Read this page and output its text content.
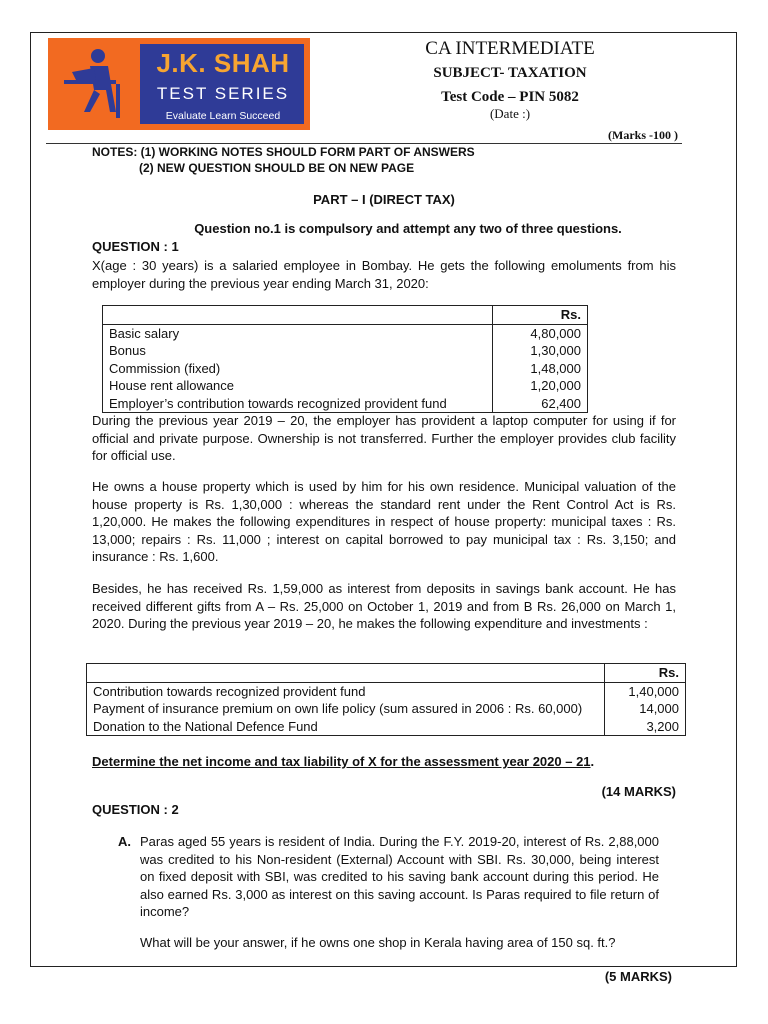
J.K. SHAH
TEST SERIES
Evaluate Learn Succeed
CA INTERMEDIATE
SUBJECT- TAXATION
Test Code – PIN 5082
(Date :)
(Marks -100 )
NOTES: (1) WORKING NOTES SHOULD FORM PART OF ANSWERS
(2) NEW QUESTION SHOULD BE ON NEW PAGE
PART – I (DIRECT TAX)
Question no.1 is compulsory and attempt any two of three questions.
QUESTION : 1
X(age : 30 years) is a salaried employee in Bombay. He gets the following emoluments from his employer during the previous year ending March 31, 2020:
	Rs.
Basic salary	4,80,000
Bonus	1,30,000
Commission (fixed)	1,48,000
House rent allowance	1,20,000
Employer’s contribution towards recognized provident fund	62,400
During the previous year 2019 – 20, the employer has provident a laptop computer for using if for official and private purpose. Ownership is not transferred. Further the employer provides club facility for official use.
He owns a house property which is used by him for his own residence. Municipal valuation of the house property is Rs. 1,30,000 : whereas the standard rent under the Rent Control Act is Rs. 1,20,000. He makes the following expenditures in respect of house property: municipal taxes : Rs. 13,000; repairs : Rs. 11,000 ; interest on capital borrowed to pay municipal tax : Rs. 3,150; and insurance : Rs. 1,600.
Besides, he has received Rs. 1,59,000 as interest from deposits in savings bank account. He has received different gifts from A – Rs. 25,000 on October 1, 2019 and from B Rs. 26,000 on March 1, 2020. During the previous year 2019 – 20, he makes the following expenditure and investments :
	Rs.
Contribution towards recognized provident fund	1,40,000
Payment of insurance premium on own life policy (sum assured in 2006 : Rs. 60,000)	14,000
Donation to the National Defence Fund	3,200
Determine the net income and tax liability of X for the assessment year 2020 – 21.
(14 MARKS)
QUESTION : 2
A. Paras aged 55 years is resident of India. During the F.Y. 2019-20, interest of Rs. 2,88,000 was credited to his Non-resident (External) Account with SBI. Rs. 30,000, being interest on fixed deposit with SBI, was credited to his saving bank account during this period. He also earned Rs. 3,000 as interest on this saving account. Is Paras required to file return of income?
What will be your answer, if he owns one shop in Kerala having area of 150 sq. ft.?
(5 MARKS)
